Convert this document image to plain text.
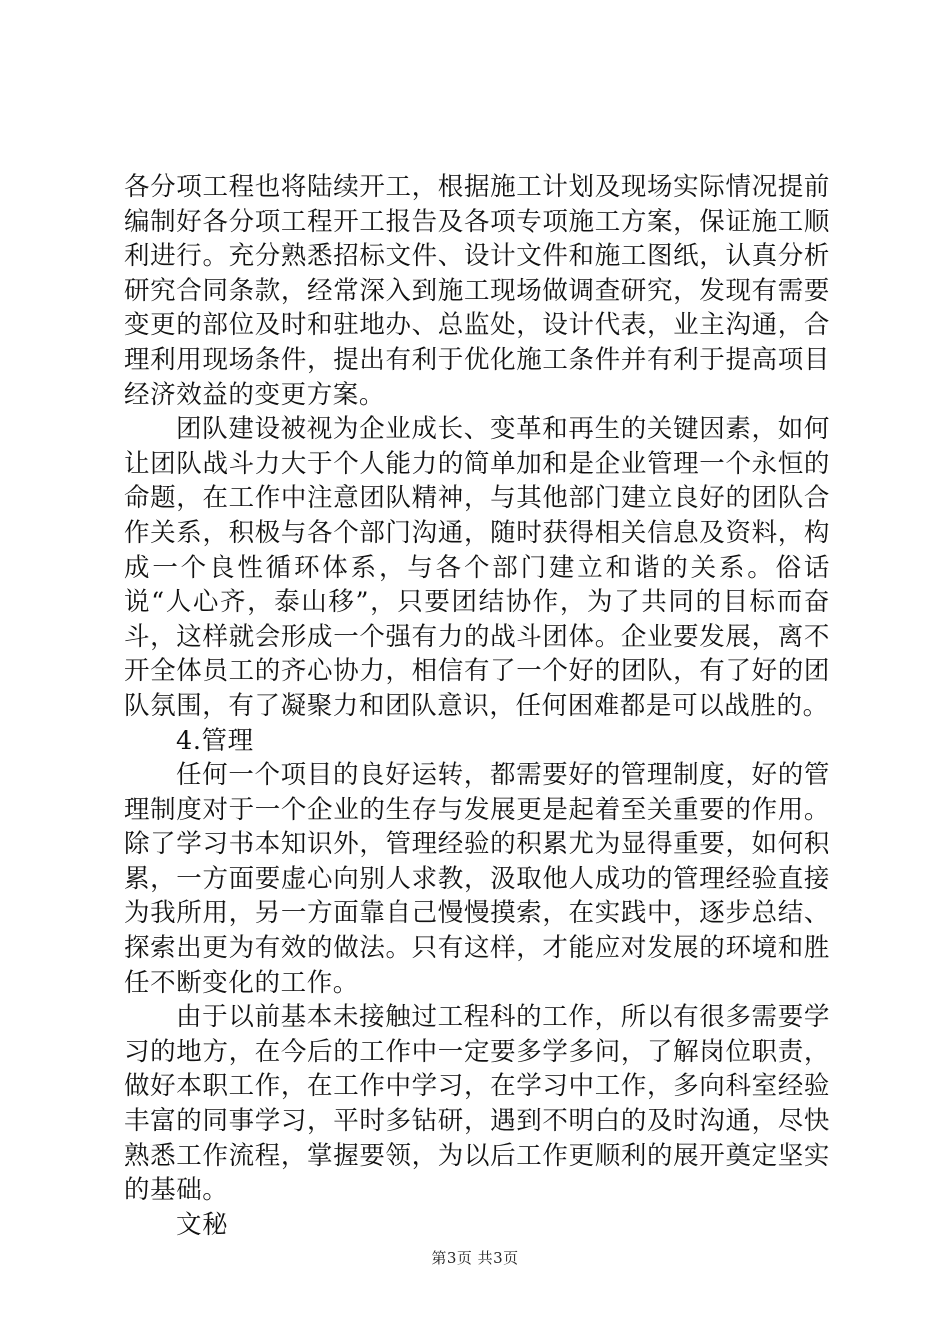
各分项工程也将陆续开工，根据施工计划及现场实际情况提前编制好各分项工程开工报告及各项专项施工方案，保证施工顺利进行。充分熟悉招标文件、设计文件和施工图纸，认真分析研究合同条款，经常深入到施工现场做调查研究，发现有需要变更的部位及时和驻地办、总监处，设计代表，业主沟通，合理利用现场条件，提出有利于优化施工条件并有利于提高项目经济效益的变更方案。

团队建设被视为企业成长、变革和再生的关键因素，如何让团队战斗力大于个人能力的简单加和是企业管理一个永恒的命题，在工作中注意团队精神，与其他部门建立良好的团队合作关系，积极与各个部门沟通，随时获得相关信息及资料，构成一个良性循环体系，与各个部门建立和谐的关系。俗话说“人心齐，泰山移”，只要团结协作，为了共同的目标而奋斗，这样就会形成一个强有力的战斗团体。企业要发展，离不开全体员工的齐心协力，相信有了一个好的团队，有了好的团队氛围，有了凝聚力和团队意识，任何困难都是可以战胜的。

4.管理

任何一个项目的良好运转，都需要好的管理制度，好的管理制度对于一个企业的生存与发展更是起着至关重要的作用。除了学习书本知识外，管理经验的积累尤为显得重要，如何积累，一方面要虚心向别人求教，汲取他人成功的管理经验直接为我所用，另一方面靠自己慢慢摸索，在实践中，逐步总结、探索出更为有效的做法。只有这样，才能应对发展的环境和胜任不断变化的工作。

由于以前基本未接触过工程科的工作，所以有很多需要学习的地方，在今后的工作中一定要多学多问，了解岗位职责，做好本职工作，在工作中学习，在学习中工作，多向科室经验丰富的同事学习，平时多钻研，遇到不明白的及时沟通，尽快熟悉工作流程，掌握要领，为以后工作更顺利的展开奠定坚实的基础。

文秘

第3页 共3页
